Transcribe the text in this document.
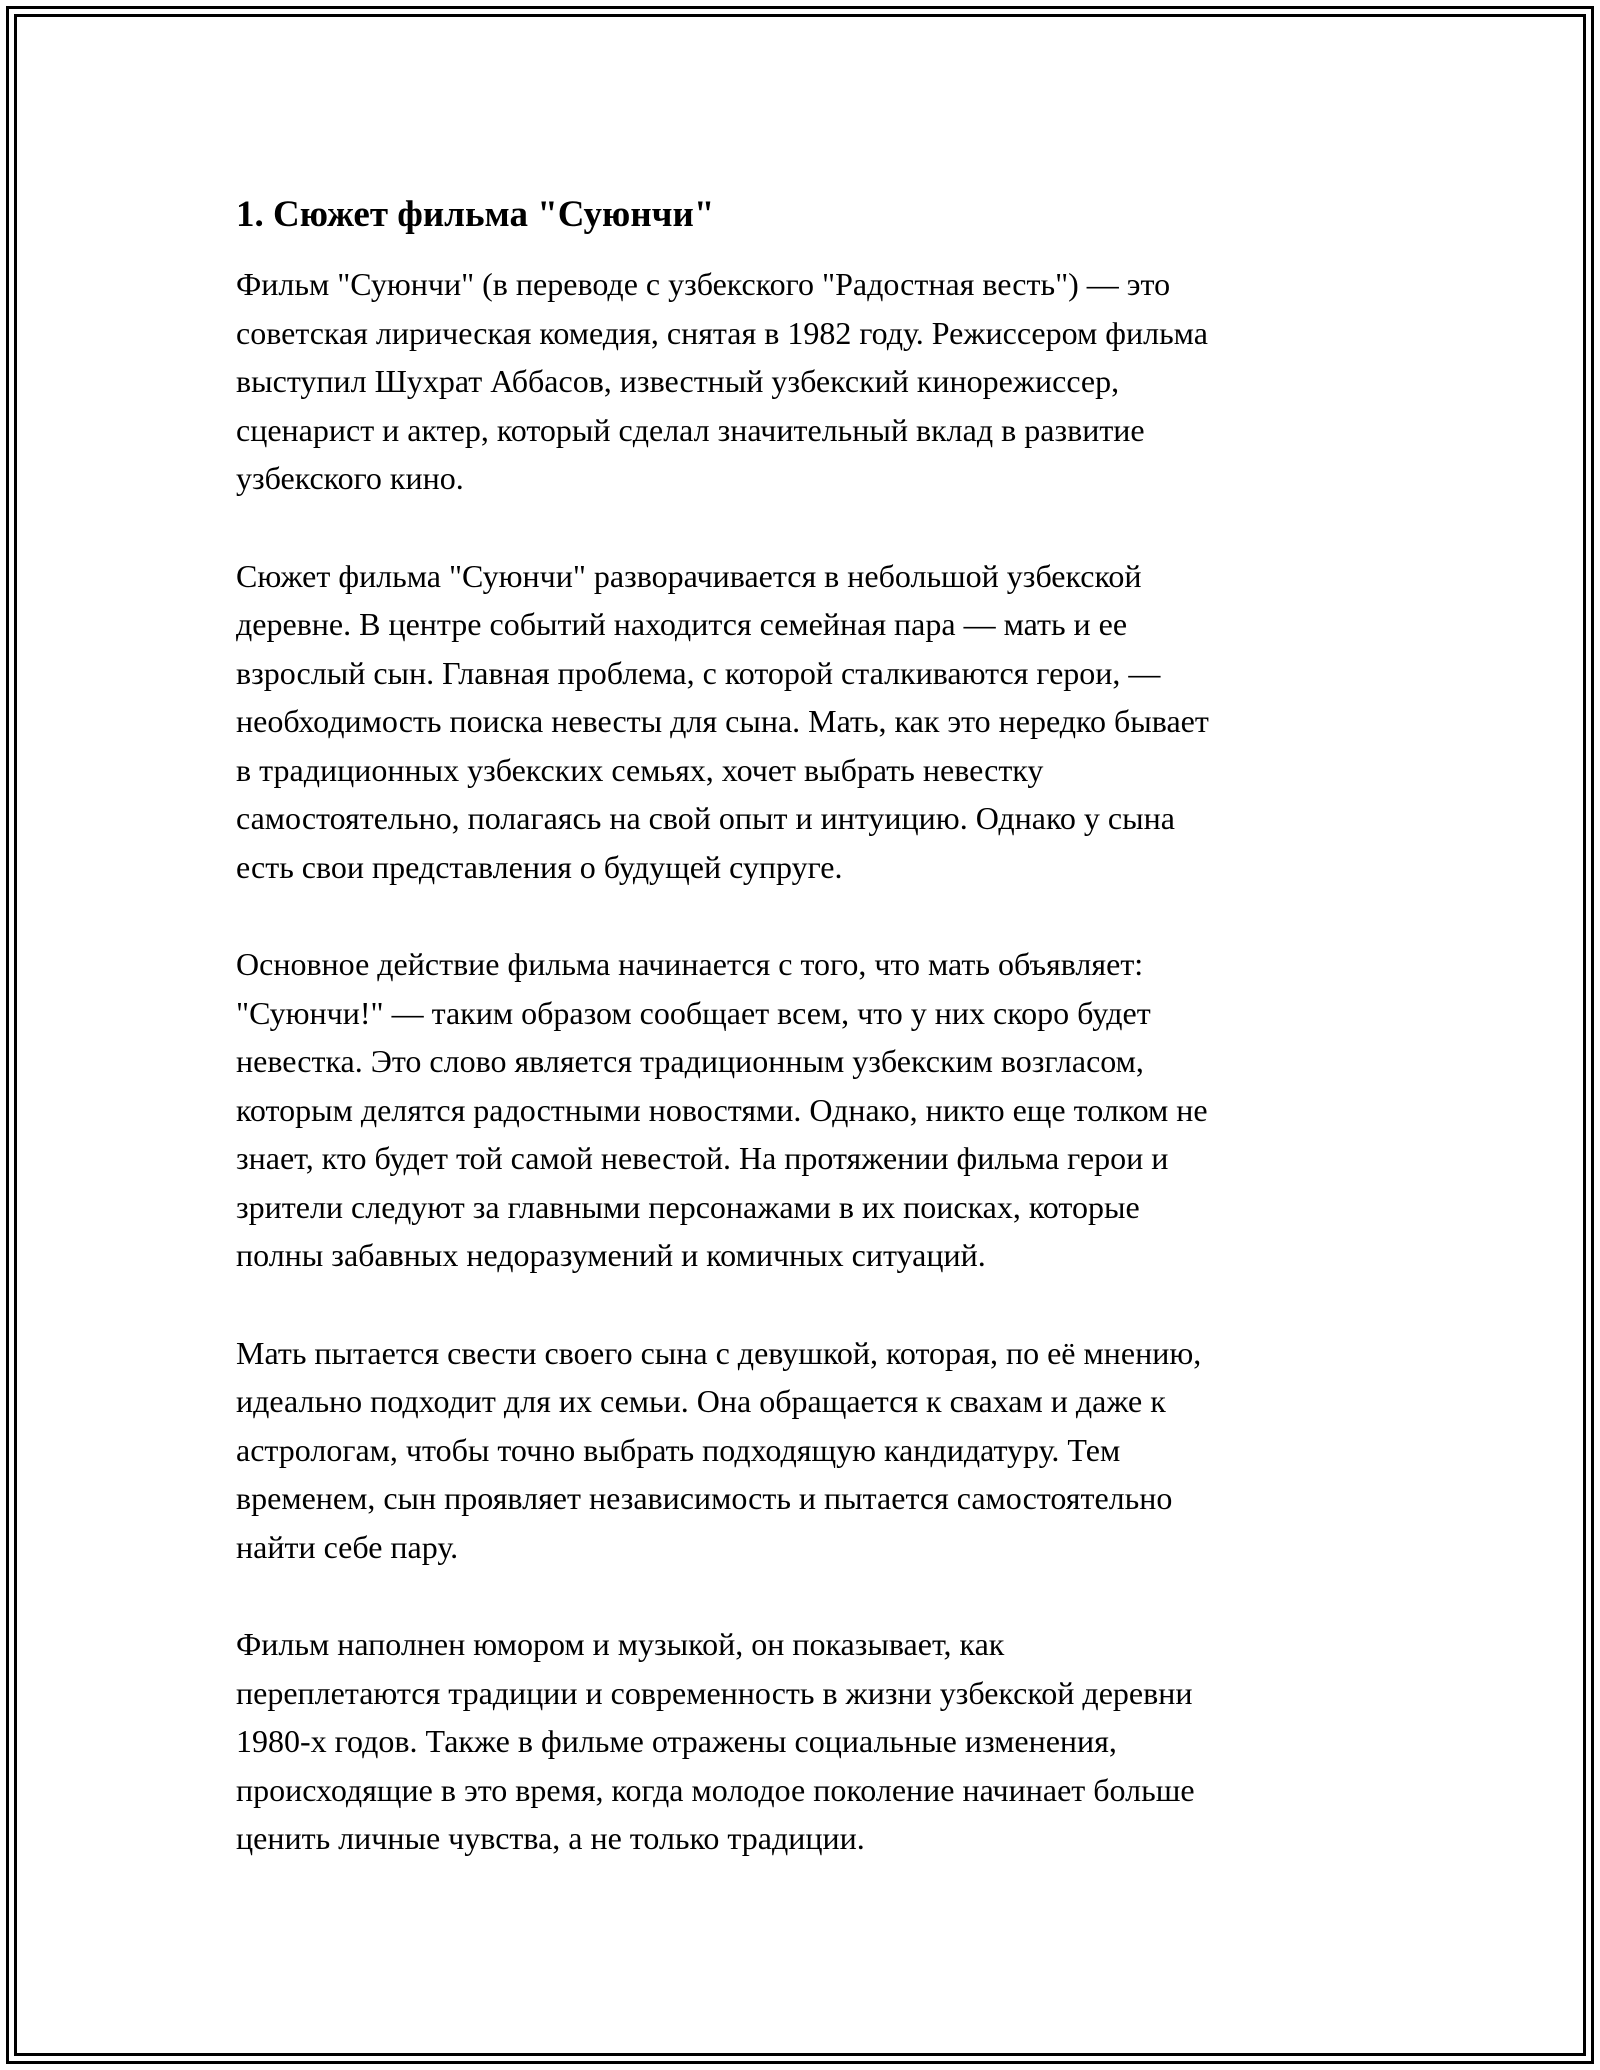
1. Сюжет фильма "Суюнчи"

Фильм "Суюнчи" (в переводе с узбекского "Радостная весть") — это
советская лирическая комедия, снятая в 1982 году. Режиссером фильма
выступил Шухрат Аббасов, известный узбекский кинорежиссер,
сценарист и актер, который сделал значительный вклад в развитие
узбекского кино.

Сюжет фильма "Суюнчи" разворачивается в небольшой узбекской
деревне. В центре событий находится семейная пара — мать и ее
взрослый сын. Главная проблема, с которой сталкиваются герои, —
необходимость поиска невесты для сына. Мать, как это нередко бывает
в традиционных узбекских семьях, хочет выбрать невестку
самостоятельно, полагаясь на свой опыт и интуицию. Однако у сына
есть свои представления о будущей супруге.

Основное действие фильма начинается с того, что мать объявляет:
"Суюнчи!" — таким образом сообщает всем, что у них скоро будет
невестка. Это слово является традиционным узбекским возгласом,
которым делятся радостными новостями. Однако, никто еще толком не
знает, кто будет той самой невестой. На протяжении фильма герои и
зрители следуют за главными персонажами в их поисках, которые
полны забавных недоразумений и комичных ситуаций.

Мать пытается свести своего сына с девушкой, которая, по её мнению,
идеально подходит для их семьи. Она обращается к свахам и даже к
астрологам, чтобы точно выбрать подходящую кандидатуру. Тем
временем, сын проявляет независимость и пытается самостоятельно
найти себе пару.

Фильм наполнен юмором и музыкой, он показывает, как
переплетаются традиции и современность в жизни узбекской деревни
1980-х годов. Также в фильме отражены социальные изменения,
происходящие в это время, когда молодое поколение начинает больше
ценить личные чувства, а не только традиции.
